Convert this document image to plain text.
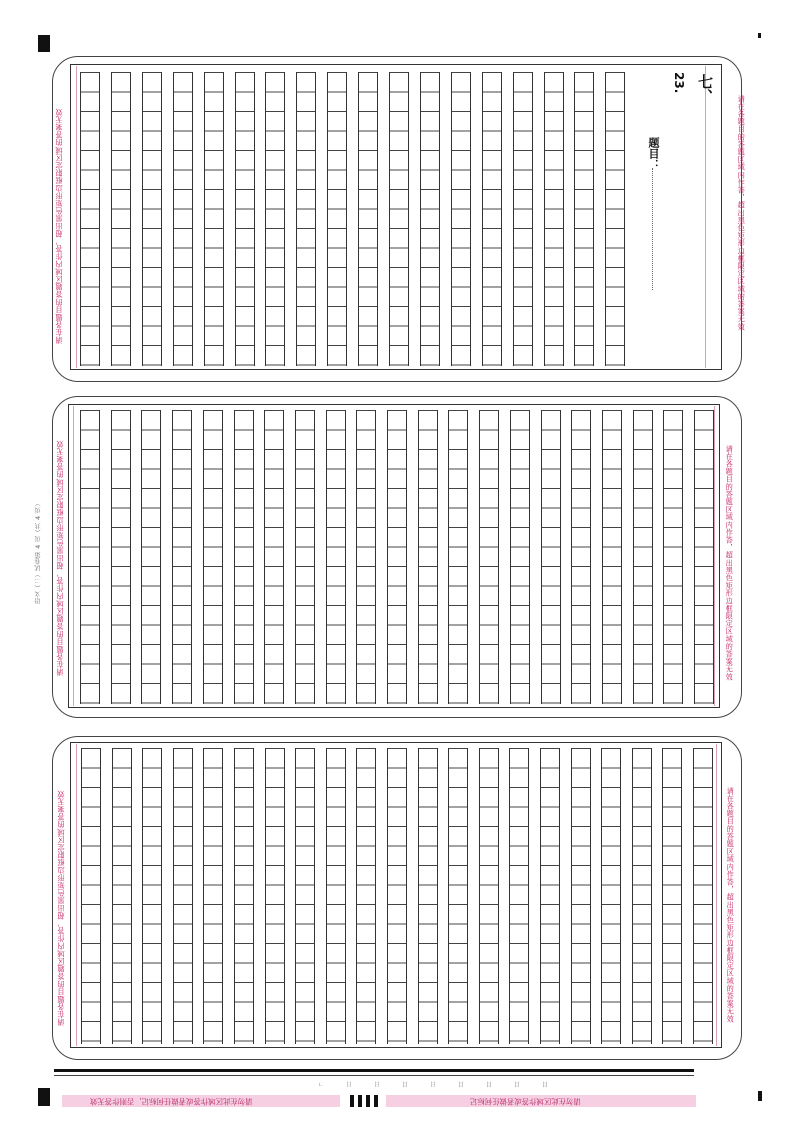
七、
23.
题目：	请在各题目的答题区域内作答，超出黑色矩形边框限定区域的答案无效
请在各题目的答题区域内作答，超出黑色矩形边框限定区域的答案无效
请在各题目的答题区域内作答，超出黑色矩形边框限定区域的答案无效
请在各题目的答题区域内作答，超出黑色矩形边框限定区域的答案无效
语文（二）试卷第 4 页（共 4 页）
请在各题目的答题区域内作答，超出黑色矩形边框限定区域的答案无效
请在各题目的答题区域内作答，超出黑色矩形边框限定区域的答案无效
ㄱ	日	日	目	日	目	目	目	目
请勿在此区域作答或者做任何标记，否则作答无效	请勿在此区域作答或者做任何标记
